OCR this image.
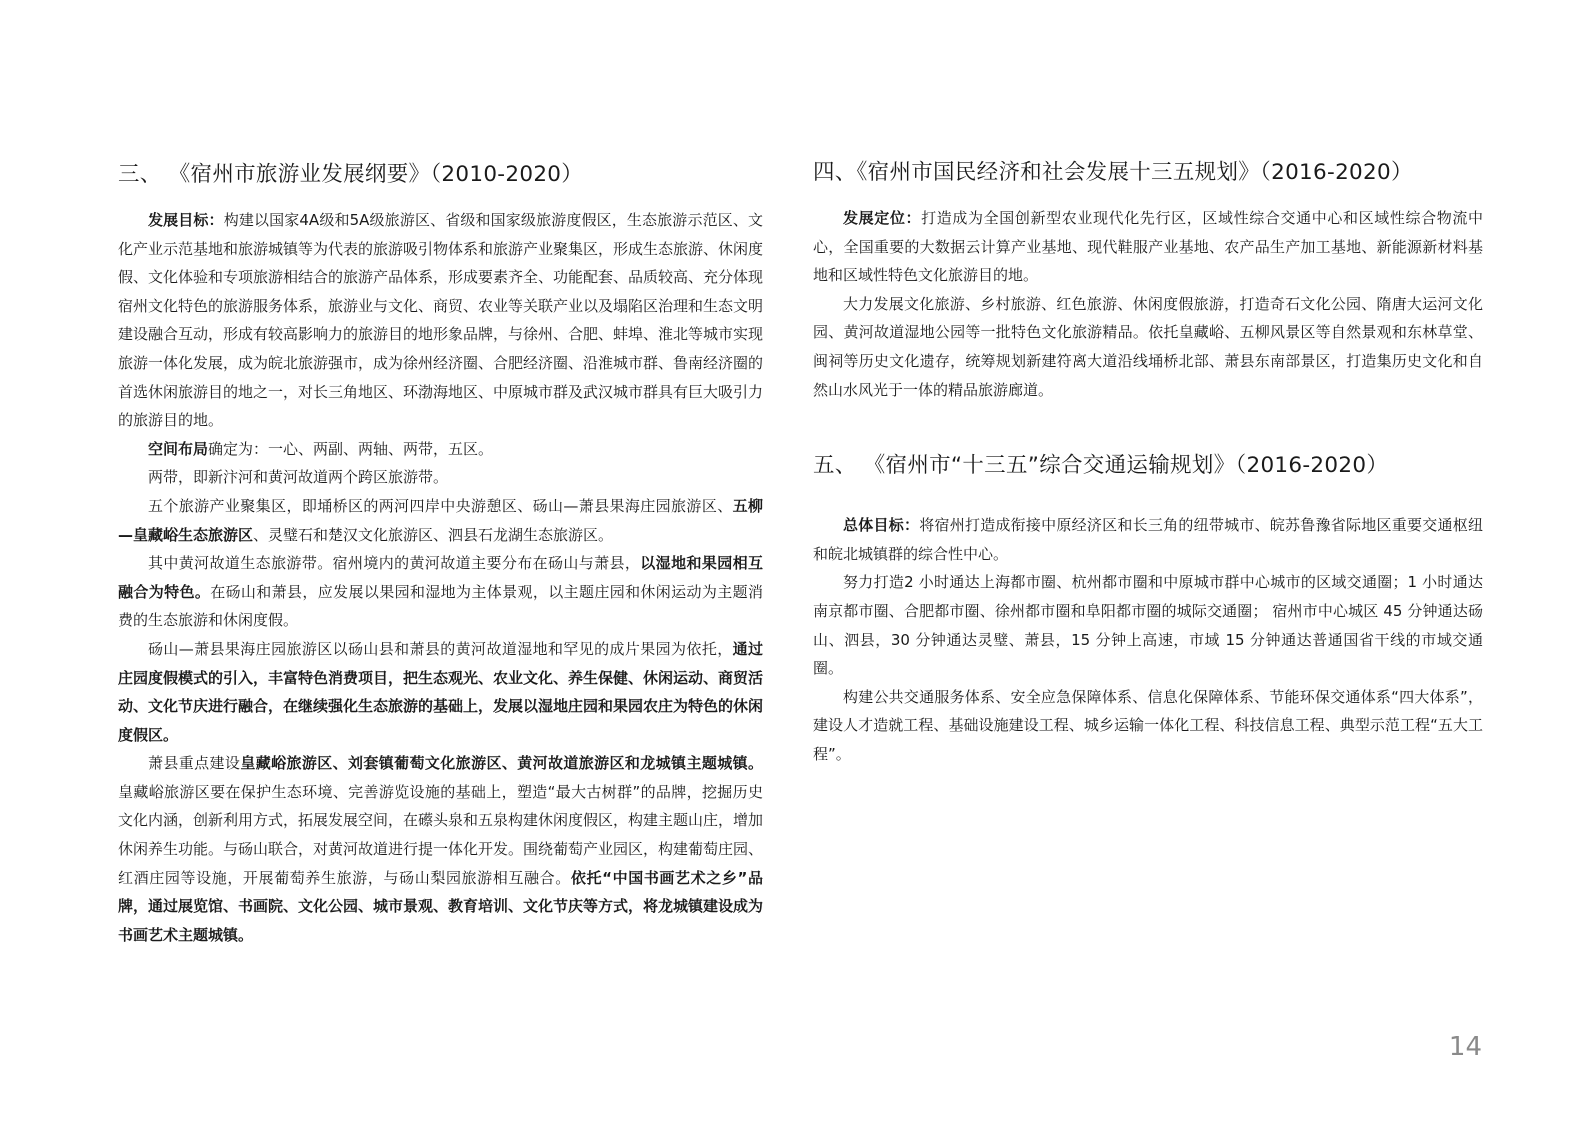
三、 《宿州市旅游业发展纲要》（2010-2020）

发展目标：构建以国家4A级和5A级旅游区、省级和国家级旅游度假区，生态旅游示范区、文化产业示范基地和旅游城镇等为代表的旅游吸引物体系和旅游产业聚集区，形成生态旅游、休闲度假、文化体验和专项旅游相结合的旅游产品体系，形成要素齐全、功能配套、品质较高、充分体现宿州文化特色的旅游服务体系，旅游业与文化、商贸、农业等关联产业以及塌陷区治理和生态文明建设融合互动，形成有较高影响力的旅游目的地形象品牌，与徐州、合肥、蚌埠、淮北等城市实现旅游一体化发展，成为皖北旅游强市，成为徐州经济圈、合肥经济圈、沿淮城市群、鲁南经济圈的首选休闲旅游目的地之一，对长三角地区、环渤海地区、中原城市群及武汉城市群具有巨大吸引力的旅游目的地。

空间布局确定为：一心、两副、两轴、两带，五区。

两带，即新汴河和黄河故道两个跨区旅游带。

五个旅游产业聚集区，即埇桥区的两河四岸中央游憩区、砀山—萧县果海庄园旅游区、五柳—皇藏峪生态旅游区、灵璧石和楚汉文化旅游区、泗县石龙湖生态旅游区。

其中黄河故道生态旅游带。宿州境内的黄河故道主要分布在砀山与萧县，以湿地和果园相互融合为特色。在砀山和萧县，应发展以果园和湿地为主体景观，以主题庄园和休闲运动为主题消费的生态旅游和休闲度假。

砀山—萧县果海庄园旅游区以砀山县和萧县的黄河故道湿地和罕见的成片果园为依托，通过庄园度假模式的引入，丰富特色消费项目，把生态观光、农业文化、养生保健、休闲运动、商贸活动、文化节庆进行融合，在继续强化生态旅游的基础上，发展以湿地庄园和果园农庄为特色的休闲度假区。

萧县重点建设皇藏峪旅游区、刘套镇葡萄文化旅游区、黄河故道旅游区和龙城镇主题城镇。皇藏峪旅游区要在保护生态环境、完善游览设施的基础上，塑造“最大古树群”的品牌，挖掘历史文化内涵，创新利用方式，拓展发展空间，在礤头泉和五泉构建休闲度假区，构建主题山庄，增加休闲养生功能。与砀山联合，对黄河故道进行提一体化开发。围绕葡萄产业园区，构建葡萄庄园、红酒庄园等设施，开展葡萄养生旅游，与砀山梨园旅游相互融合。依托“中国书画艺术之乡”品牌，通过展览馆、书画院、文化公园、城市景观、教育培训、文化节庆等方式，将龙城镇建设成为书画艺术主题城镇。

四、《宿州市国民经济和社会发展十三五规划》（2016-2020）

发展定位：打造成为全国创新型农业现代化先行区，区域性综合交通中心和区域性综合物流中心，全国重要的大数据云计算产业基地、现代鞋服产业基地、农产品生产加工基地、新能源新材料基地和区域性特色文化旅游目的地。

大力发展文化旅游、乡村旅游、红色旅游、休闲度假旅游，打造奇石文化公园、隋唐大运河文化园、黄河故道湿地公园等一批特色文化旅游精品。依托皇藏峪、五柳风景区等自然景观和东林草堂、闽祠等历史文化遗存，统筹规划新建符离大道沿线埇桥北部、萧县东南部景区，打造集历史文化和自然山水风光于一体的精品旅游廊道。

五、 《宿州市“十三五”综合交通运输规划》（2016-2020）

总体目标：将宿州打造成衔接中原经济区和长三角的纽带城市、皖苏鲁豫省际地区重要交通枢纽和皖北城镇群的综合性中心。

努力打造2 小时通达上海都市圈、杭州都市圈和中原城市群中心城市的区域交通圈；1 小时通达南京都市圈、合肥都市圈、徐州都市圈和阜阳都市圈的城际交通圈； 宿州市中心城区 45 分钟通达砀山、泗县，30 分钟通达灵璧、萧县，15 分钟上高速，市域 15 分钟通达普通国省干线的市域交通圈。

构建公共交通服务体系、安全应急保障体系、信息化保障体系、节能环保交通体系“四大体系”，建设人才造就工程、基础设施建设工程、城乡运输一体化工程、科技信息工程、典型示范工程“五大工程”。

14
